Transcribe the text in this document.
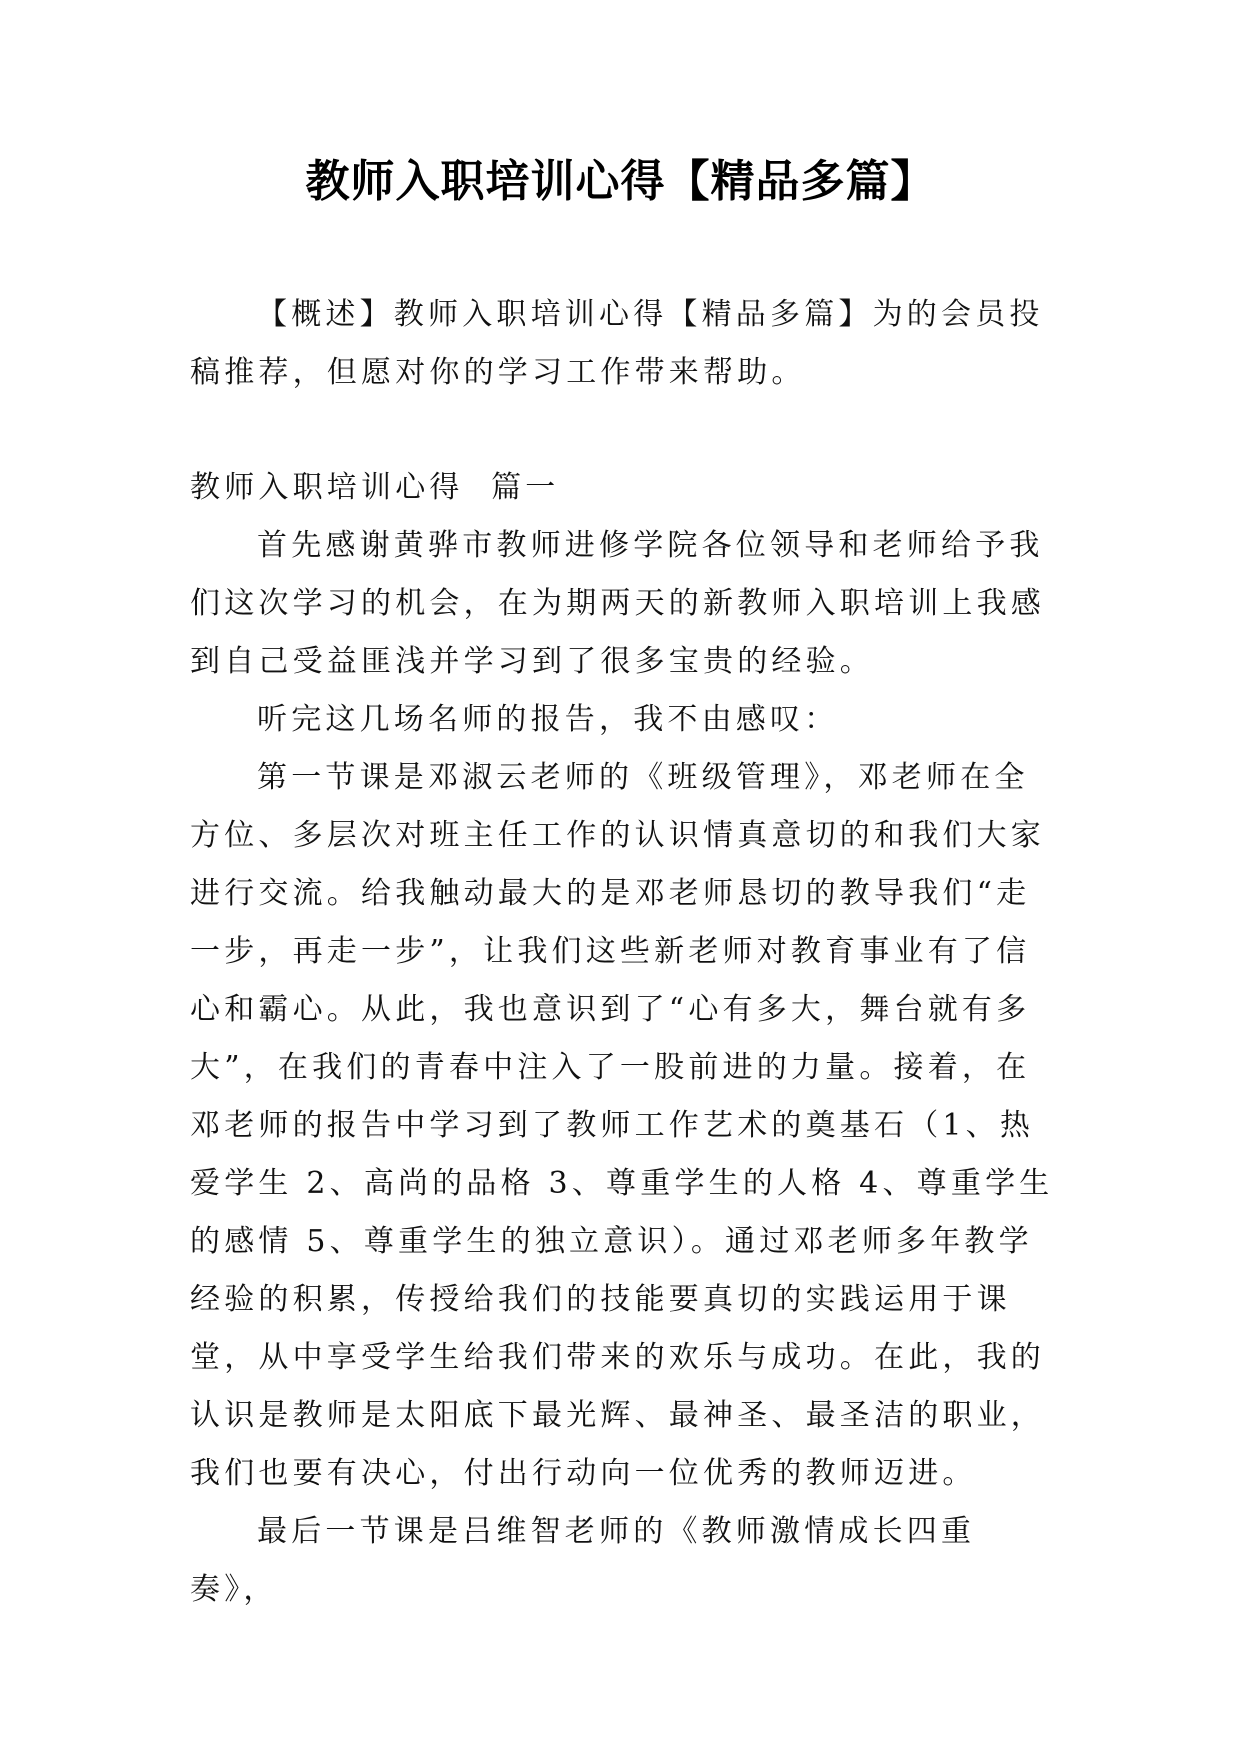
教师入职培训心得【精品多篇】

【概述】教师入职培训心得【精品多篇】为的会员投稿推荐，但愿对你的学习工作带来帮助。

教师入职培训心得  篇一

首先感谢黄骅市教师进修学院各位领导和老师给予我们这次学习的机会，在为期两天的新教师入职培训上我感到自己受益匪浅并学习到了很多宝贵的经验。

听完这几场名师的报告，我不由感叹：

第一节课是邓淑云老师的《班级管理》，邓老师在全方位、多层次对班主任工作的认识情真意切的和我们大家进行交流。给我触动最大的是邓老师恳切的教导我们“走一步，再走一步”，让我们这些新老师对教育事业有了信心和霸心。从此，我也意识到了“心有多大，舞台就有多大”，在我们的青春中注入了一股前进的力量。接着，在邓老师的报告中学习到了教师工作艺术的奠基石（1、热爱学生 2、高尚的品格 3、尊重学生的人格 4、尊重学生的感情 5、尊重学生的独立意识）。通过邓老师多年教学经验的积累，传授给我们的技能要真切的实践运用于课堂，从中享受学生给我们带来的欢乐与成功。在此，我的认识是教师是太阳底下最光辉、最神圣、最圣洁的职业，我们也要有决心，付出行动向一位优秀的教师迈进。

最后一节课是吕维智老师的《教师激情成长四重奏》，
